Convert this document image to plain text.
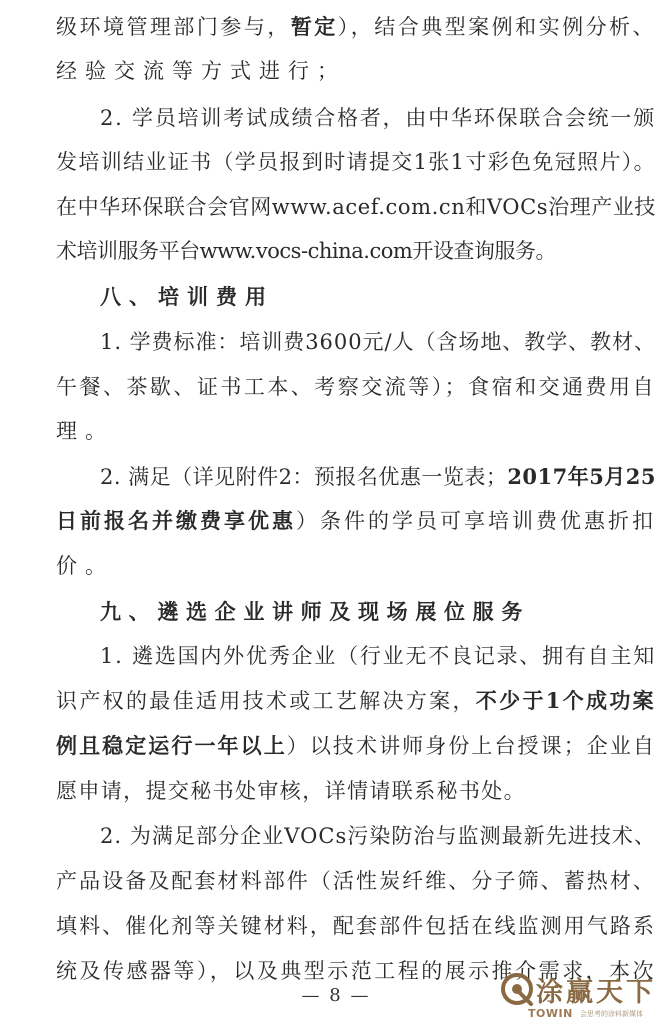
级环境管理部门参与，暂定），结合典型案例和实例分析、
经验交流等方式进行；
2. 学员培训考试成绩合格者，由中华环保联合会统一颁
发培训结业证书（学员报到时请提交1张1寸彩色免冠照片）。
在中华环保联合会官网www.acef.com.cn和VOCs治理产业技
术培训服务平台www.vocs-china.com开设查询服务。
八、培训费用
1. 学费标准：培训费3600元/人（含场地、教学、教材、
午餐、茶歇、证书工本、考察交流等）；食宿和交通费用自
理。
2. 满足（详见附件2：预报名优惠一览表；2017年5月25
日前报名并缴费享优惠）条件的学员可享培训费优惠折扣
价。
九、遴选企业讲师及现场展位服务
1. 遴选国内外优秀企业（行业无不良记录、拥有自主知
识产权的最佳适用技术或工艺解决方案，不少于1个成功案
例且稳定运行一年以上）以技术讲师身份上台授课；企业自
愿申请，提交秘书处审核，详情请联系秘书处。
2. 为满足部分企业VOCs污染防治与监测最新先进技术、
产品设备及配套材料部件（活性炭纤维、分子筛、蓄热材、
填料、催化剂等关键材料，配套部件包括在线监测用气路系
统及传感器等），以及典型示范工程的展示推介需求，本次
— 8 —	涂赢天下
TOWIN 会思考的涂料新媒体
